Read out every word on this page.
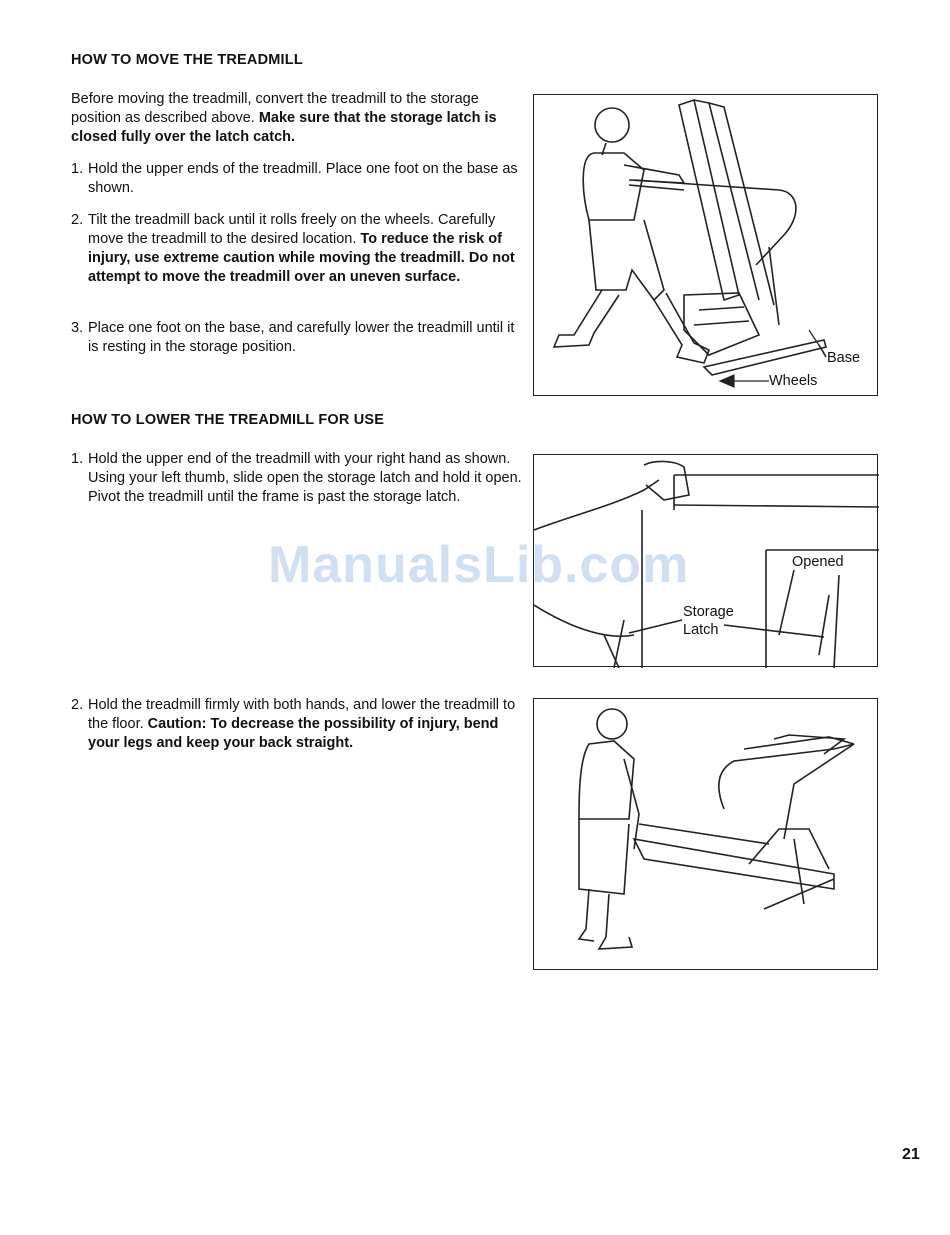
HOW TO MOVE THE TREADMILL

Before moving the treadmill, convert the treadmill to the storage position as described above. Make sure that the storage latch is closed fully over the latch catch.

1. Hold the upper ends of the treadmill. Place one foot on the base as shown.

2. Tilt the treadmill back until it rolls freely on the wheels. Carefully move the treadmill to the desired location. To reduce the risk of injury, use extreme caution while moving the treadmill. Do not attempt to move the treadmill over an uneven surface.

3. Place one foot on the base, and carefully lower the treadmill until it is resting in the storage position.

Base
Wheels
HOW TO LOWER THE TREADMILL FOR USE

1. Hold the upper end of the treadmill with your right hand as shown. Using your left thumb, slide open the storage latch and hold it open. Pivot the treadmill until the frame is past the storage latch.

Opened
Storage
Latch
ManualsLib.com

2. Hold the treadmill firmly with both hands, and lower the treadmill to the floor. Caution: To decrease the possibility of injury, bend your legs and keep your back straight.

21
